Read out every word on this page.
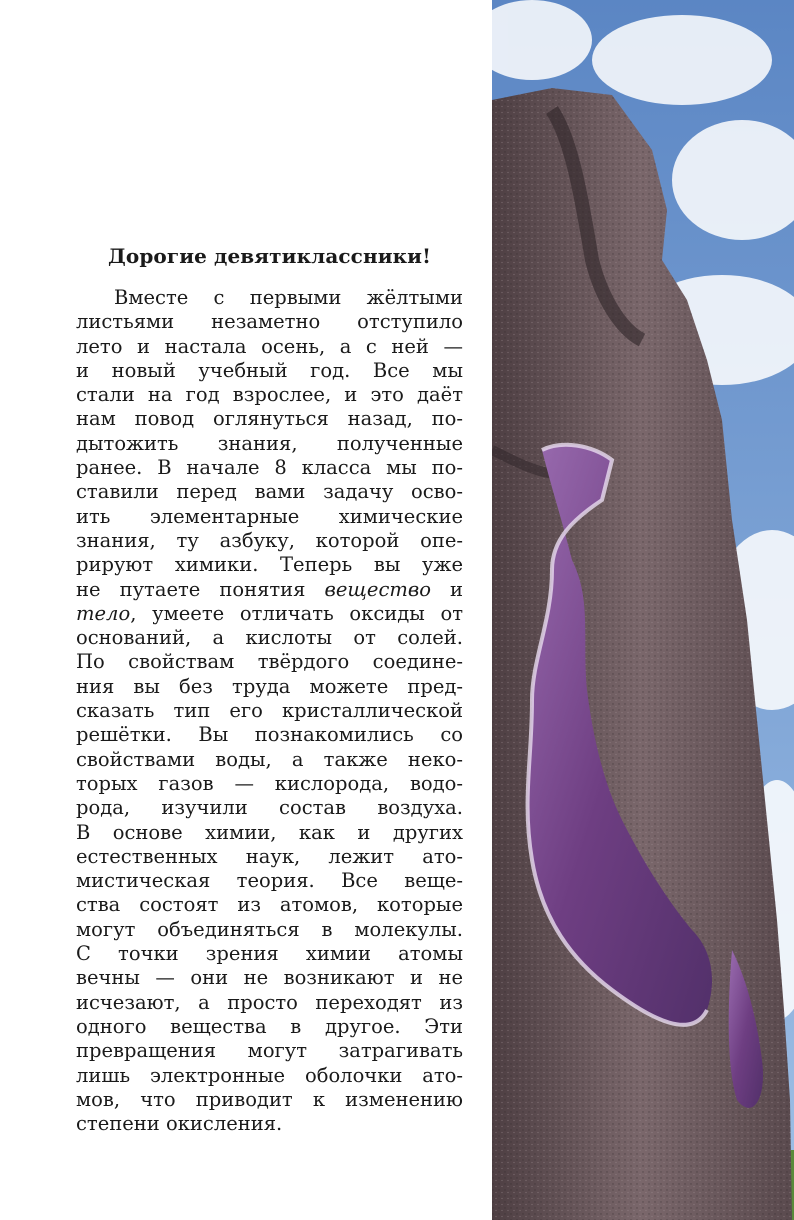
Дорогие девятиклассники!
Вместе с первыми жёлтыми
листьями незаметно отступило
лето и настала осень, а с ней —
и новый учебный год. Все мы
стали на год взрослее, и это даёт
нам повод оглянуться назад, по-
дытожить знания, полученные
ранее. В начале 8 класса мы по-
ставили перед вами задачу осво-
ить элементарные химические
знания, ту азбуку, которой опе-
рируют химики. Теперь вы уже
не путаете понятия вещество и
тело, умеете отличать оксиды от
оснований, а кислоты от солей.
По свойствам твёрдого соедине-
ния вы без труда можете пред-
сказать тип его кристаллической
решётки. Вы познакомились со
свойствами воды, а также неко-
торых газов — кислорода, водо-
рода, изучили состав воздуха.
В основе химии, как и других
естественных наук, лежит ато-
мистическая теория. Все веще-
ства состоят из атомов, которые
могут объединяться в молекулы.
С точки зрения химии атомы
вечны — они не возникают и не
исчезают, а просто переходят из
одного вещества в другое. Эти
превращения могут затрагивать
лишь электронные оболочки ато-
мов, что приводит к изменению
степени окисления.
